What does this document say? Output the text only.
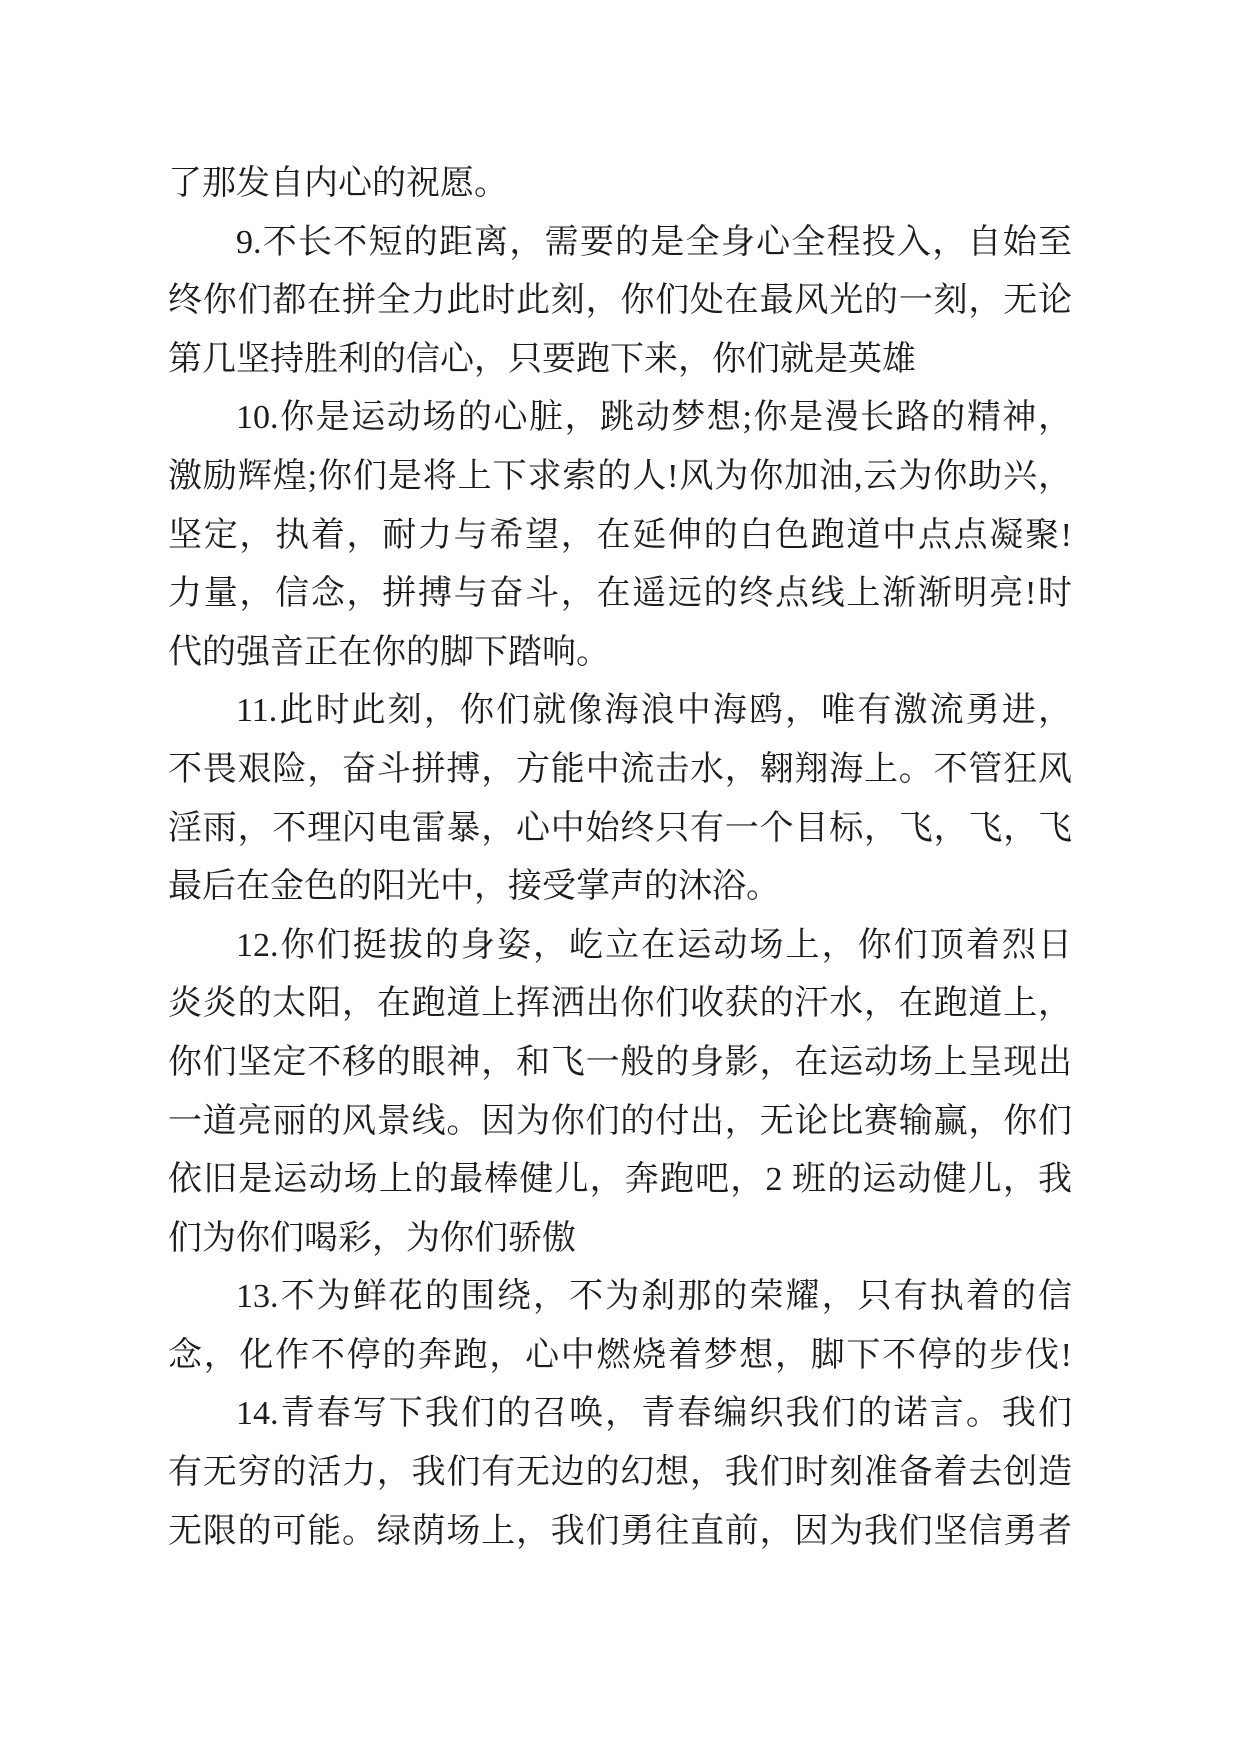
了那发自内心的祝愿。
9.不长不短的距离，需要的是全身心全程投入，自始至
终你们都在拼全力此时此刻，你们处在最风光的一刻，无论
第几坚持胜利的信心，只要跑下来，你们就是英雄
10.你是运动场的心脏，跳动梦想;你是漫长路的精神，
激励辉煌;你们是将上下求索的人!风为你加油,云为你助兴，
坚定，执着，耐力与希望，在延伸的白色跑道中点点凝聚!
力量，信念，拼搏与奋斗，在遥远的终点线上渐渐明亮!时
代的强音正在你的脚下踏响。
11.此时此刻，你们就像海浪中海鸥，唯有激流勇进，
不畏艰险，奋斗拼搏，方能中流击水，翱翔海上。不管狂风
淫雨，不理闪电雷暴，心中始终只有一个目标，飞，飞，飞
最后在金色的阳光中，接受掌声的沐浴。
12.你们挺拔的身姿，屹立在运动场上，你们顶着烈日
炎炎的太阳，在跑道上挥洒出你们收获的汗水，在跑道上，
你们坚定不移的眼神，和飞一般的身影，在运动场上呈现出
一道亮丽的风景线。因为你们的付出，无论比赛输赢，你们
依旧是运动场上的最棒健儿，奔跑吧，2 班的运动健儿，我
们为你们喝彩，为你们骄傲
13.不为鲜花的围绕，不为刹那的荣耀，只有执着的信
念，化作不停的奔跑，心中燃烧着梦想，脚下不停的步伐!
14.青春写下我们的召唤，青春编织我们的诺言。我们
有无穷的活力，我们有无边的幻想，我们时刻准备着去创造
无限的可能。绿荫场上，我们勇往直前，因为我们坚信勇者
